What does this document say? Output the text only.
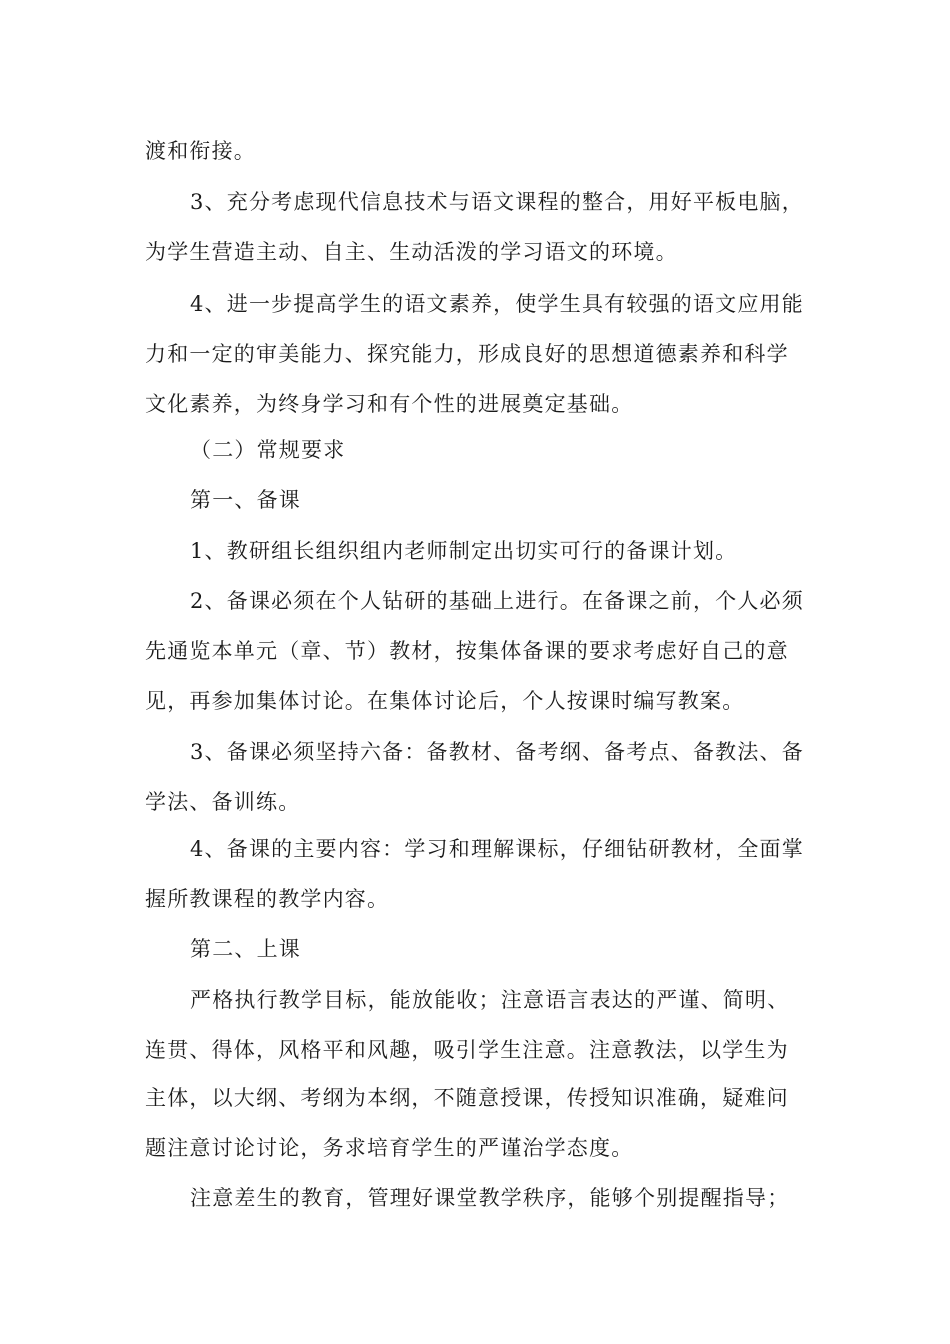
渡和衔接。
3、充分考虑现代信息技术与语文课程的整合，用好平板电脑，
为学生营造主动、自主、生动活泼的学习语文的环境。
4、进一步提高学生的语文素养，使学生具有较强的语文应用能
力和一定的审美能力、探究能力，形成良好的思想道德素养和科学
文化素养，为终身学习和有个性的进展奠定基础。
（二）常规要求
第一、备课
1、教研组长组织组内老师制定出切实可行的备课计划。
2、备课必须在个人钻研的基础上进行。在备课之前，个人必须
先通览本单元（章、节）教材，按集体备课的要求考虑好自己的意
见，再参加集体讨论。在集体讨论后，个人按课时编写教案。
3、备课必须坚持六备：备教材、备考纲、备考点、备教法、备
学法、备训练。
4、备课的主要内容：学习和理解课标，仔细钻研教材，全面掌
握所教课程的教学内容。
第二、上课
严格执行教学目标，能放能收；注意语言表达的严谨、简明、
连贯、得体，风格平和风趣，吸引学生注意。注意教法，以学生为
主体，以大纲、考纲为本纲，不随意授课，传授知识准确，疑难问
题注意讨论讨论，务求培育学生的严谨治学态度。
注意差生的教育，管理好课堂教学秩序，能够个别提醒指导；
